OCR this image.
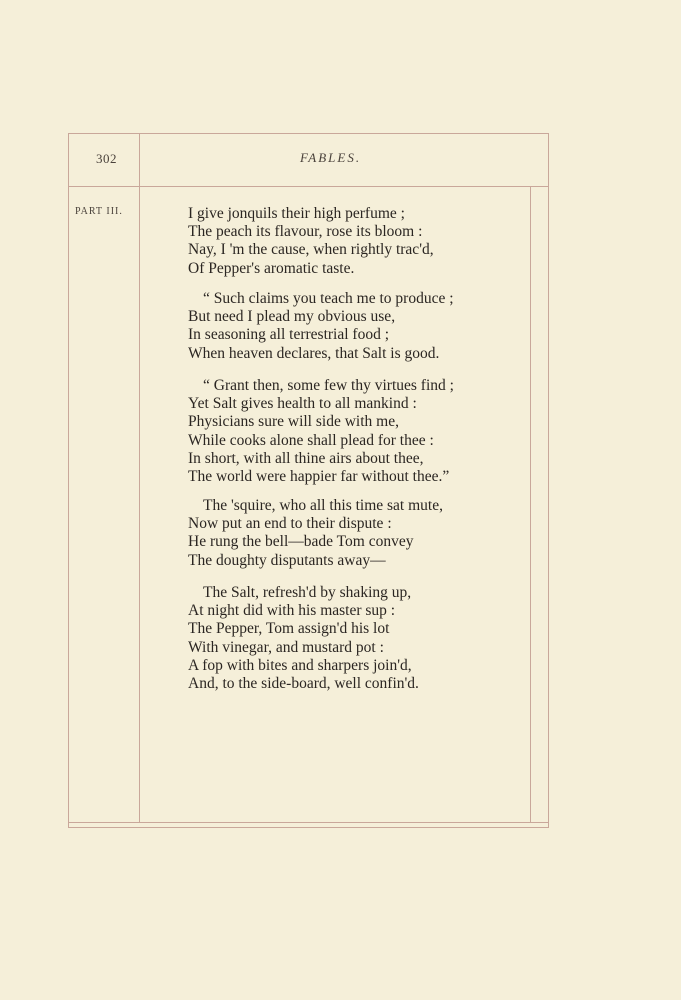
302	FABLES.
PART III.	I give jonquils their high perfume ;
The peach its flavour, rose its bloom :
Nay, I 'm the cause, when rightly trac'd,
Of Pepper's aromatic taste.
“ Such claims you teach me to produce ;
But need I plead my obvious use,
In seasoning all terrestrial food ;
When heaven declares, that Salt is good.
“ Grant then, some few thy virtues find ;
Yet Salt gives health to all mankind :
Physicians sure will side with me,
While cooks alone shall plead for thee :
In short, with all thine airs about thee,
The world were happier far without thee.”
The 'squire, who all this time sat mute,
Now put an end to their dispute :
He rung the bell—bade Tom convey
The doughty disputants away—
The Salt, refresh'd by shaking up,
At night did with his master sup :
The Pepper, Tom assign'd his lot
With vinegar, and mustard pot :
A fop with bites and sharpers join'd,
And, to the side-board, well confin'd.
